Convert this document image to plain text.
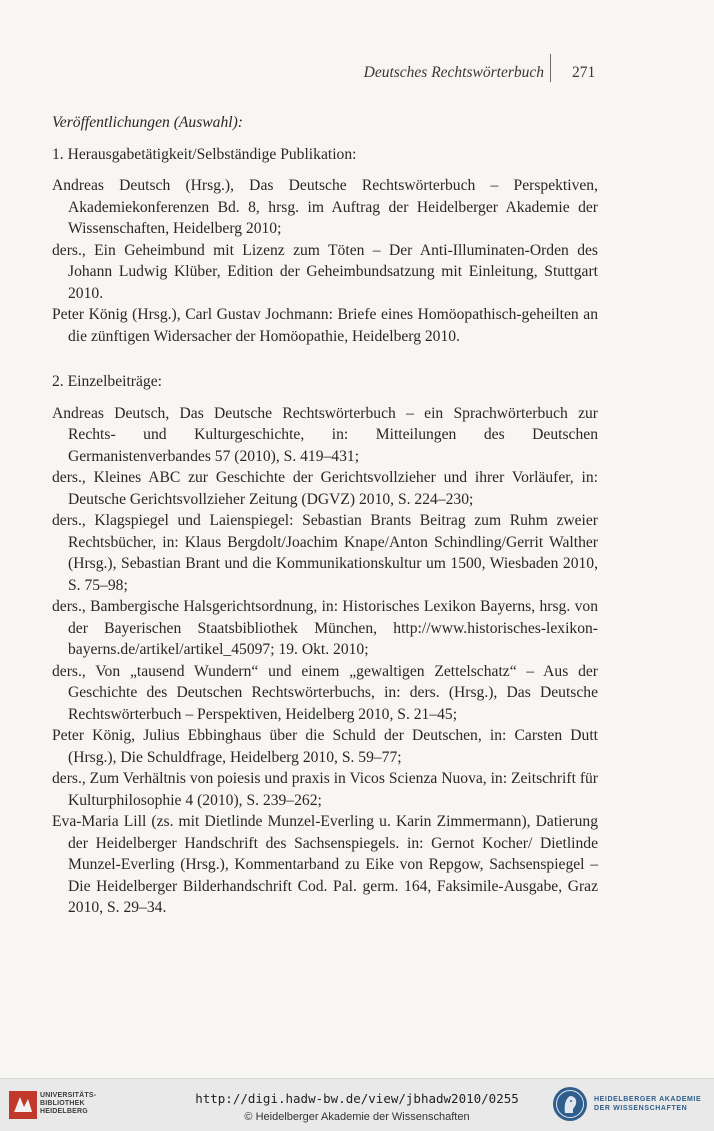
Deutsches Rechtswörterbuch 271

Veröffentlichungen (Auswahl):

1. Herausgabetätigkeit/Selbständige Publikation:

Andreas Deutsch (Hrsg.), Das Deutsche Rechtswörterbuch – Perspektiven, Akademiekonferenzen Bd. 8, hrsg. im Auftrag der Heidelberger Akademie der Wissenschaften, Heidelberg 2010;

ders., Ein Geheimbund mit Lizenz zum Töten – Der Anti-Illuminaten-Orden des Johann Ludwig Klüber, Edition der Geheimbundsatzung mit Einleitung, Stuttgart 2010.

Peter König (Hrsg.), Carl Gustav Jochmann: Briefe eines Homöopathisch-geheilten an die zünftigen Widersacher der Homöopathie, Heidelberg 2010.

2. Einzelbeiträge:

Andreas Deutsch, Das Deutsche Rechtswörterbuch – ein Sprachwörterbuch zur Rechts- und Kulturgeschichte, in: Mitteilungen des Deutschen Germanistenverbandes 57 (2010), S. 419–431;

ders., Kleines ABC zur Geschichte der Gerichtsvollzieher und ihrer Vorläufer, in: Deutsche Gerichtsvollzieher Zeitung (DGVZ) 2010, S. 224–230;

ders., Klagspiegel und Laienspiegel: Sebastian Brants Beitrag zum Ruhm zweier Rechtsbücher, in: Klaus Bergdolt/Joachim Knape/Anton Schindling/Gerrit Walther (Hrsg.), Sebastian Brant und die Kommunikationskultur um 1500, Wiesbaden 2010, S. 75–98;

ders., Bambergische Halsgerichtsordnung, in: Historisches Lexikon Bayerns, hrsg. von der Bayerischen Staatsbibliothek München, http://www.historisches-lexikon-bayerns.de/artikel/artikel_45097; 19. Okt. 2010;

ders., Von „tausend Wundern“ und einem „gewaltigen Zettelschatz“ – Aus der Geschichte des Deutschen Rechtswörterbuchs, in: ders. (Hrsg.), Das Deutsche Rechtswörterbuch – Perspektiven, Heidelberg 2010, S. 21–45;

Peter König, Julius Ebbinghaus über die Schuld der Deutschen, in: Carsten Dutt (Hrsg.), Die Schuldfrage, Heidelberg 2010, S. 59–77;

ders., Zum Verhältnis von poiesis und praxis in Vicos Scienza Nuova, in: Zeitschrift für Kulturphilosophie 4 (2010), S. 239–262;

Eva-Maria Lill (zs. mit Dietlinde Munzel-Everling u. Karin Zimmermann), Datierung der Heidelberger Handschrift des Sachsenspiegels. in: Gernot Kocher/ Dietlinde Munzel-Everling (Hrsg.), Kommentarband zu Eike von Repgow, Sachsenspiegel – Die Heidelberger Bilderhandschrift Cod. Pal. germ. 164, Faksimile-Ausgabe, Graz 2010, S. 29–34.

UNIVERSITÄTS-
BIBLIOTHEK
HEIDELBERG
http://digi.hadw-bw.de/view/jbhadw2010/0255
© Heidelberger Akademie der Wissenschaften
HEIDELBERGER AKADEMIE
DER WISSENSCHAFTEN
